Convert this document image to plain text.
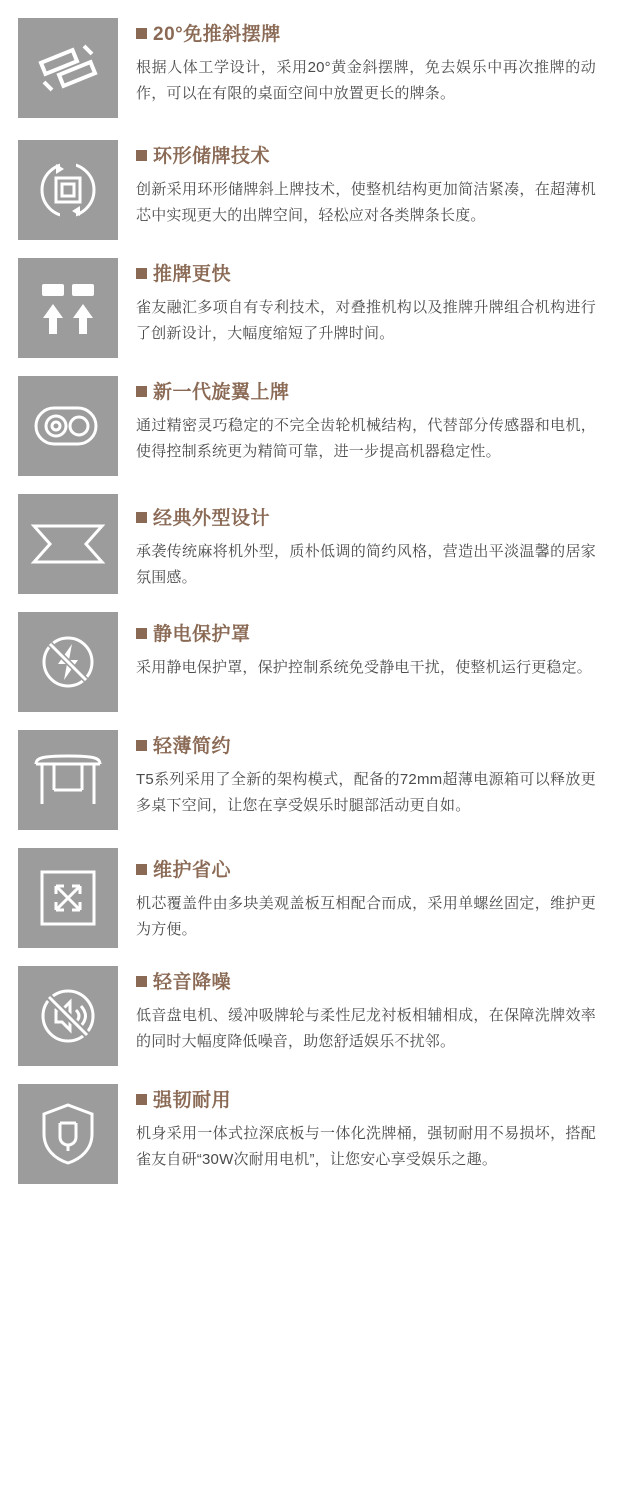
20°免推斜摆牌

根据人体工学设计，采用20°黄金斜摆牌，免去娱乐中再次推牌的动作，可以在有限的桌面空间中放置更长的牌条。

环形储牌技术

创新采用环形储牌斜上牌技术，使整机结构更加简洁紧凑，在超薄机芯中实现更大的出牌空间，轻松应对各类牌条长度。

推牌更快

雀友融汇多项自有专利技术，对叠推机构以及推牌升牌组合机构进行了创新设计，大幅度缩短了升牌时间。

新一代旋翼上牌

通过精密灵巧稳定的不完全齿轮机械结构，代替部分传感器和电机，使得控制系统更为精简可靠，进一步提高机器稳定性。

经典外型设计

承袭传统麻将机外型，质朴低调的简约风格，营造出平淡温馨的居家氛围感。

静电保护罩

采用静电保护罩，保护控制系统免受静电干扰，使整机运行更稳定。

轻薄简约

T5系列采用了全新的架构模式，配备的72mm超薄电源箱可以释放更多桌下空间，让您在享受娱乐时腿部活动更自如。

维护省心

机芯覆盖件由多块美观盖板互相配合而成，采用单螺丝固定，维护更为方便。

轻音降噪

低音盘电机、缓冲吸牌轮与柔性尼龙衬板相辅相成，在保障洗牌效率的同时大幅度降低噪音，助您舒适娱乐不扰邻。

强韧耐用

机身采用一体式拉深底板与一体化洗牌桶，强韧耐用不易损坏，搭配雀友自研“30W次耐用电机”，让您安心享受娱乐之趣。
